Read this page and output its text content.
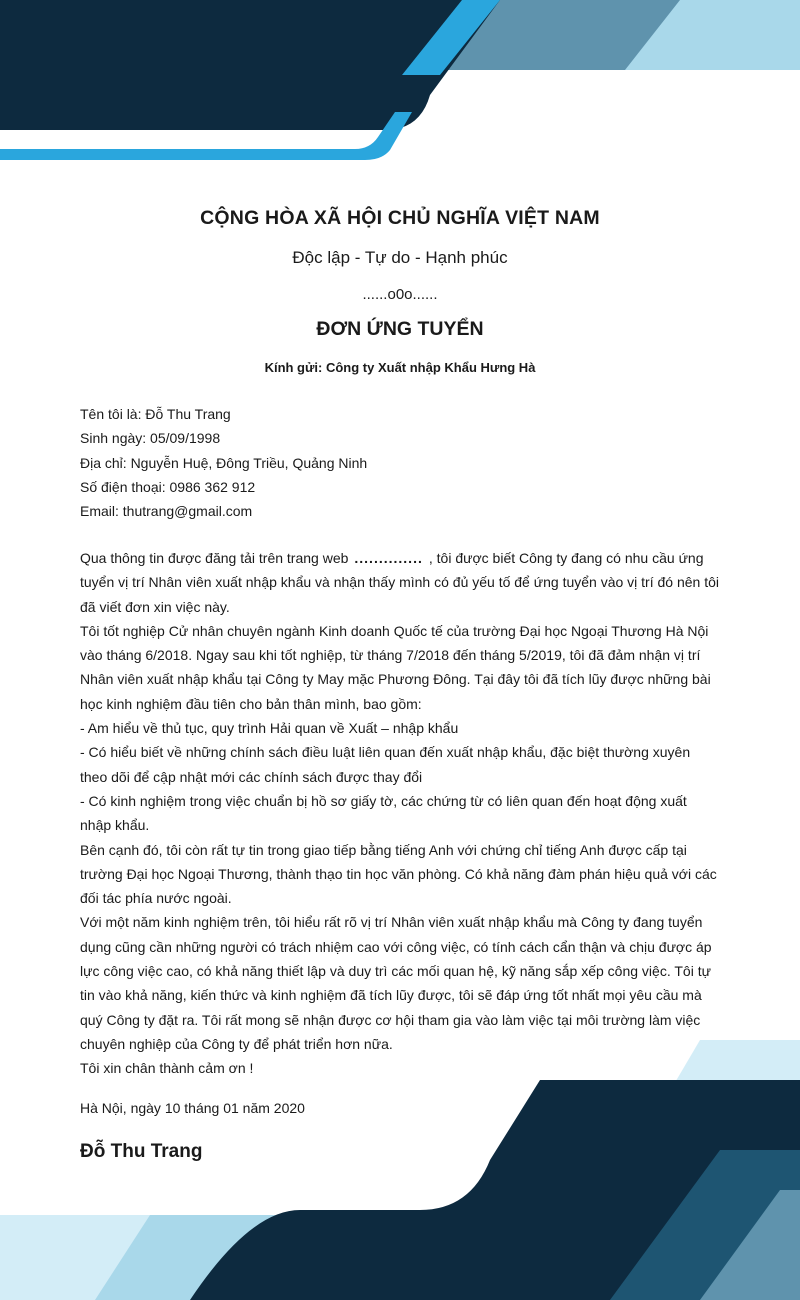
CỘNG HÒA XÃ HỘI CHỦ NGHĨA VIỆT NAM
Độc lập - Tự do - Hạnh phúc
......o0o......
ĐƠN ỨNG TUYỂN
Kính gửi: Công ty Xuất nhập Khẩu Hưng Hà
Tên tôi là: Đỗ Thu Trang
Sinh ngày: 05/09/1998
Địa chỉ: Nguyễn Huệ, Đông Triều, Quảng Ninh
Số điện thoại: 0986 362 912
Email: thutrang@gmail.com

Qua thông tin được đăng tải trên trang web .............. , tôi được biết Công ty đang có nhu cầu ứng tuyển vị trí Nhân viên xuất nhập khẩu và nhận thấy mình có đủ yếu tố để ứng tuyển vào vị trí đó nên tôi đã viết đơn xin việc này.

Tôi tốt nghiệp Cử nhân chuyên ngành Kinh doanh Quốc tế của trường Đại học Ngoại Thương Hà Nội vào tháng 6/2018. Ngay sau khi tốt nghiệp, từ tháng 7/2018 đến tháng 5/2019, tôi đã đảm nhận vị trí Nhân viên xuất nhập khẩu tại Công ty May mặc Phương Đông. Tại đây tôi đã tích lũy được những bài học kinh nghiệm đầu tiên cho bản thân mình, bao gồm:

- Am hiểu về thủ tục, quy trình Hải quan về Xuất – nhập khẩu

- Có hiểu biết về những chính sách điều luật liên quan đến xuất nhập khẩu, đặc biệt thường xuyên theo dõi để cập nhật mới các chính sách được thay đổi

- Có kinh nghiệm trong việc chuẩn bị hồ sơ giấy tờ, các chứng từ có liên quan đến hoạt động xuất nhập khẩu.

Bên cạnh đó, tôi còn rất tự tin trong giao tiếp bằng tiếng Anh với chứng chỉ tiếng Anh được cấp tại trường Đại học Ngoại Thương, thành thạo tin học văn phòng. Có khả năng đàm phán hiệu quả với các đối tác phía nước ngoài.

Với một năm kinh nghiệm trên, tôi hiểu rất rõ vị trí Nhân viên xuất nhập khẩu mà Công ty đang tuyển dụng cũng cần những người có trách nhiệm cao với công việc, có tính cách cẩn thận và chịu được áp lực công việc cao, có khả năng thiết lập và duy trì các mối quan hệ, kỹ năng sắp xếp công việc. Tôi tự tin vào khả năng, kiến thức và kinh nghiệm đã tích lũy được, tôi sẽ đáp ứng tốt nhất mọi yêu cầu mà quý Công ty đặt ra. Tôi rất mong sẽ nhận được cơ hội tham gia vào làm việc tại môi trường làm việc chuyên nghiệp của Công ty để phát triển hơn nữa.

Tôi xin chân thành cảm ơn !

Hà Nội, ngày 10 tháng 01 năm 2020
Đỗ Thu Trang
